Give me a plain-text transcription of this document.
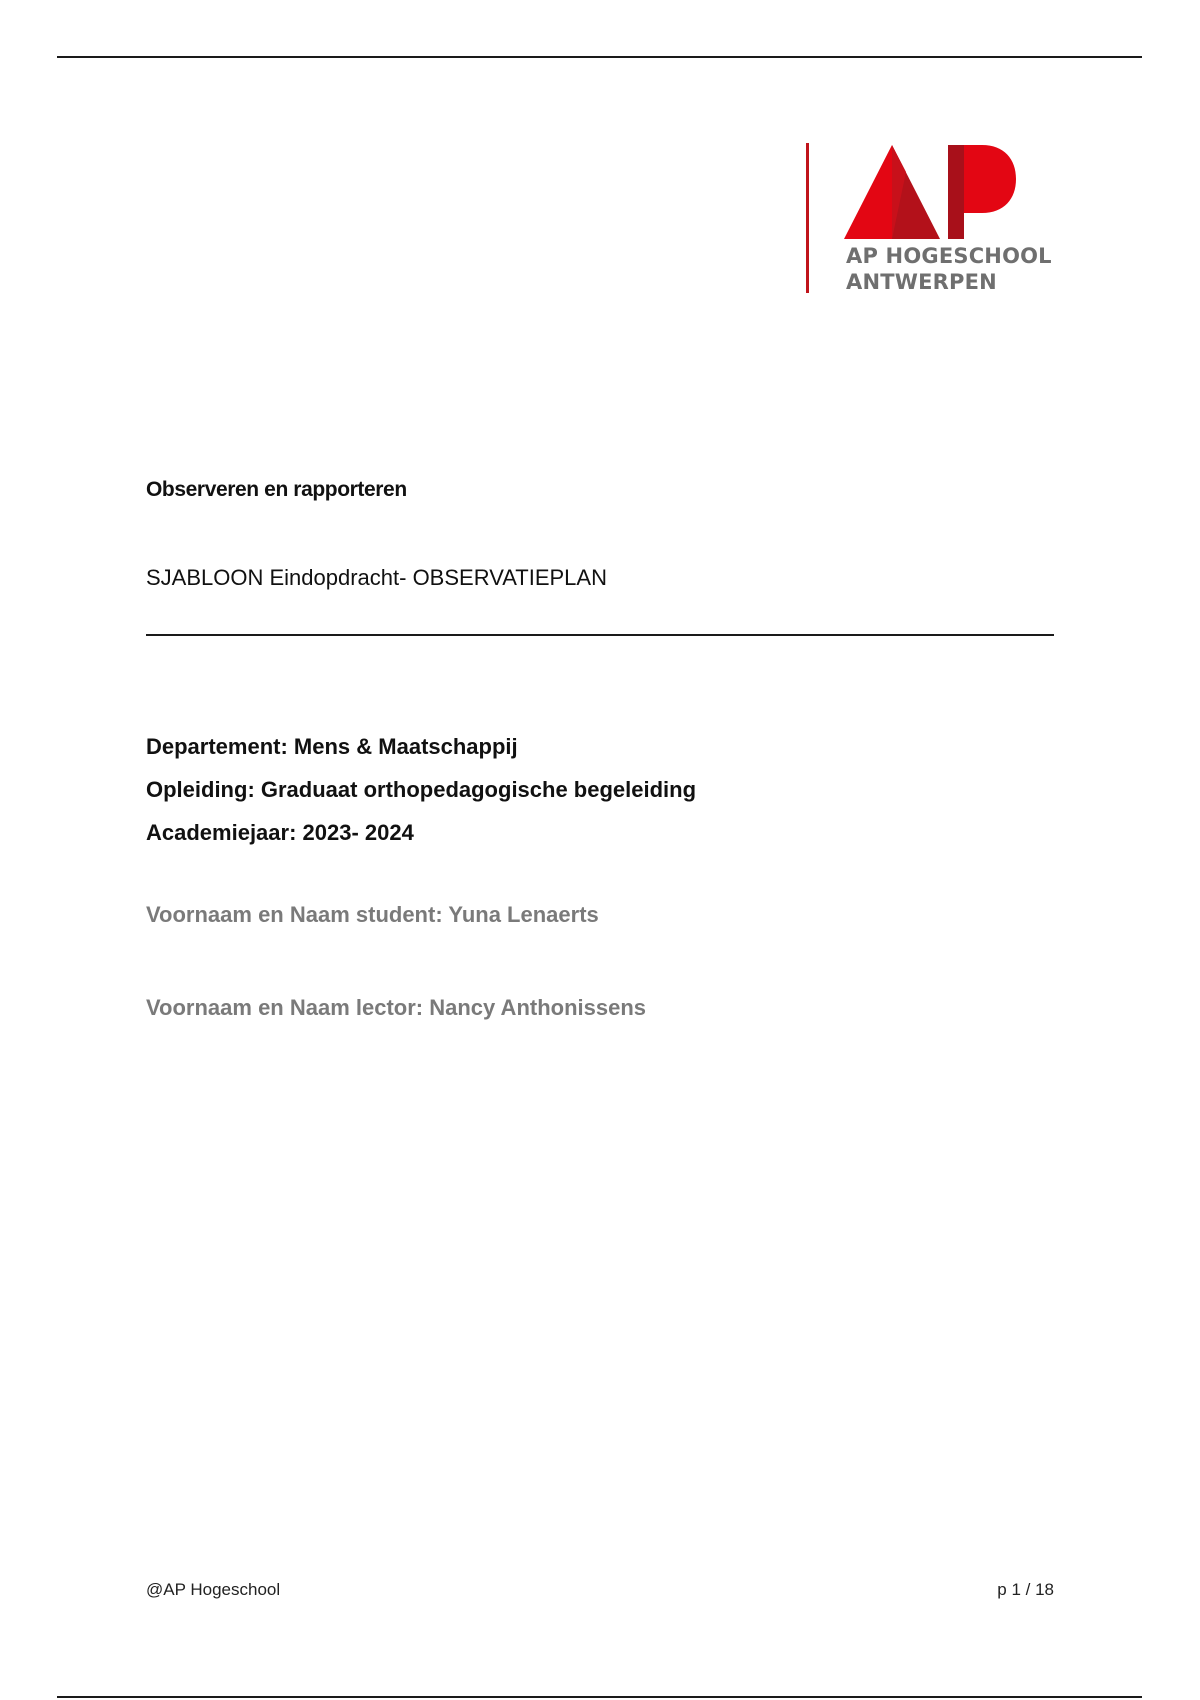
AP HOGESCHOOL
ANTWERPEN
Observeren en rapporteren
SJABLOON Eindopdracht- OBSERVATIEPLAN
Departement: Mens & Maatschappij
Opleiding: Graduaat orthopedagogische begeleiding
Academiejaar: 2023- 2024
Voornaam en Naam student: Yuna Lenaerts
Voornaam en Naam lector: Nancy Anthonissens
@AP Hogeschool	p 1 / 18
